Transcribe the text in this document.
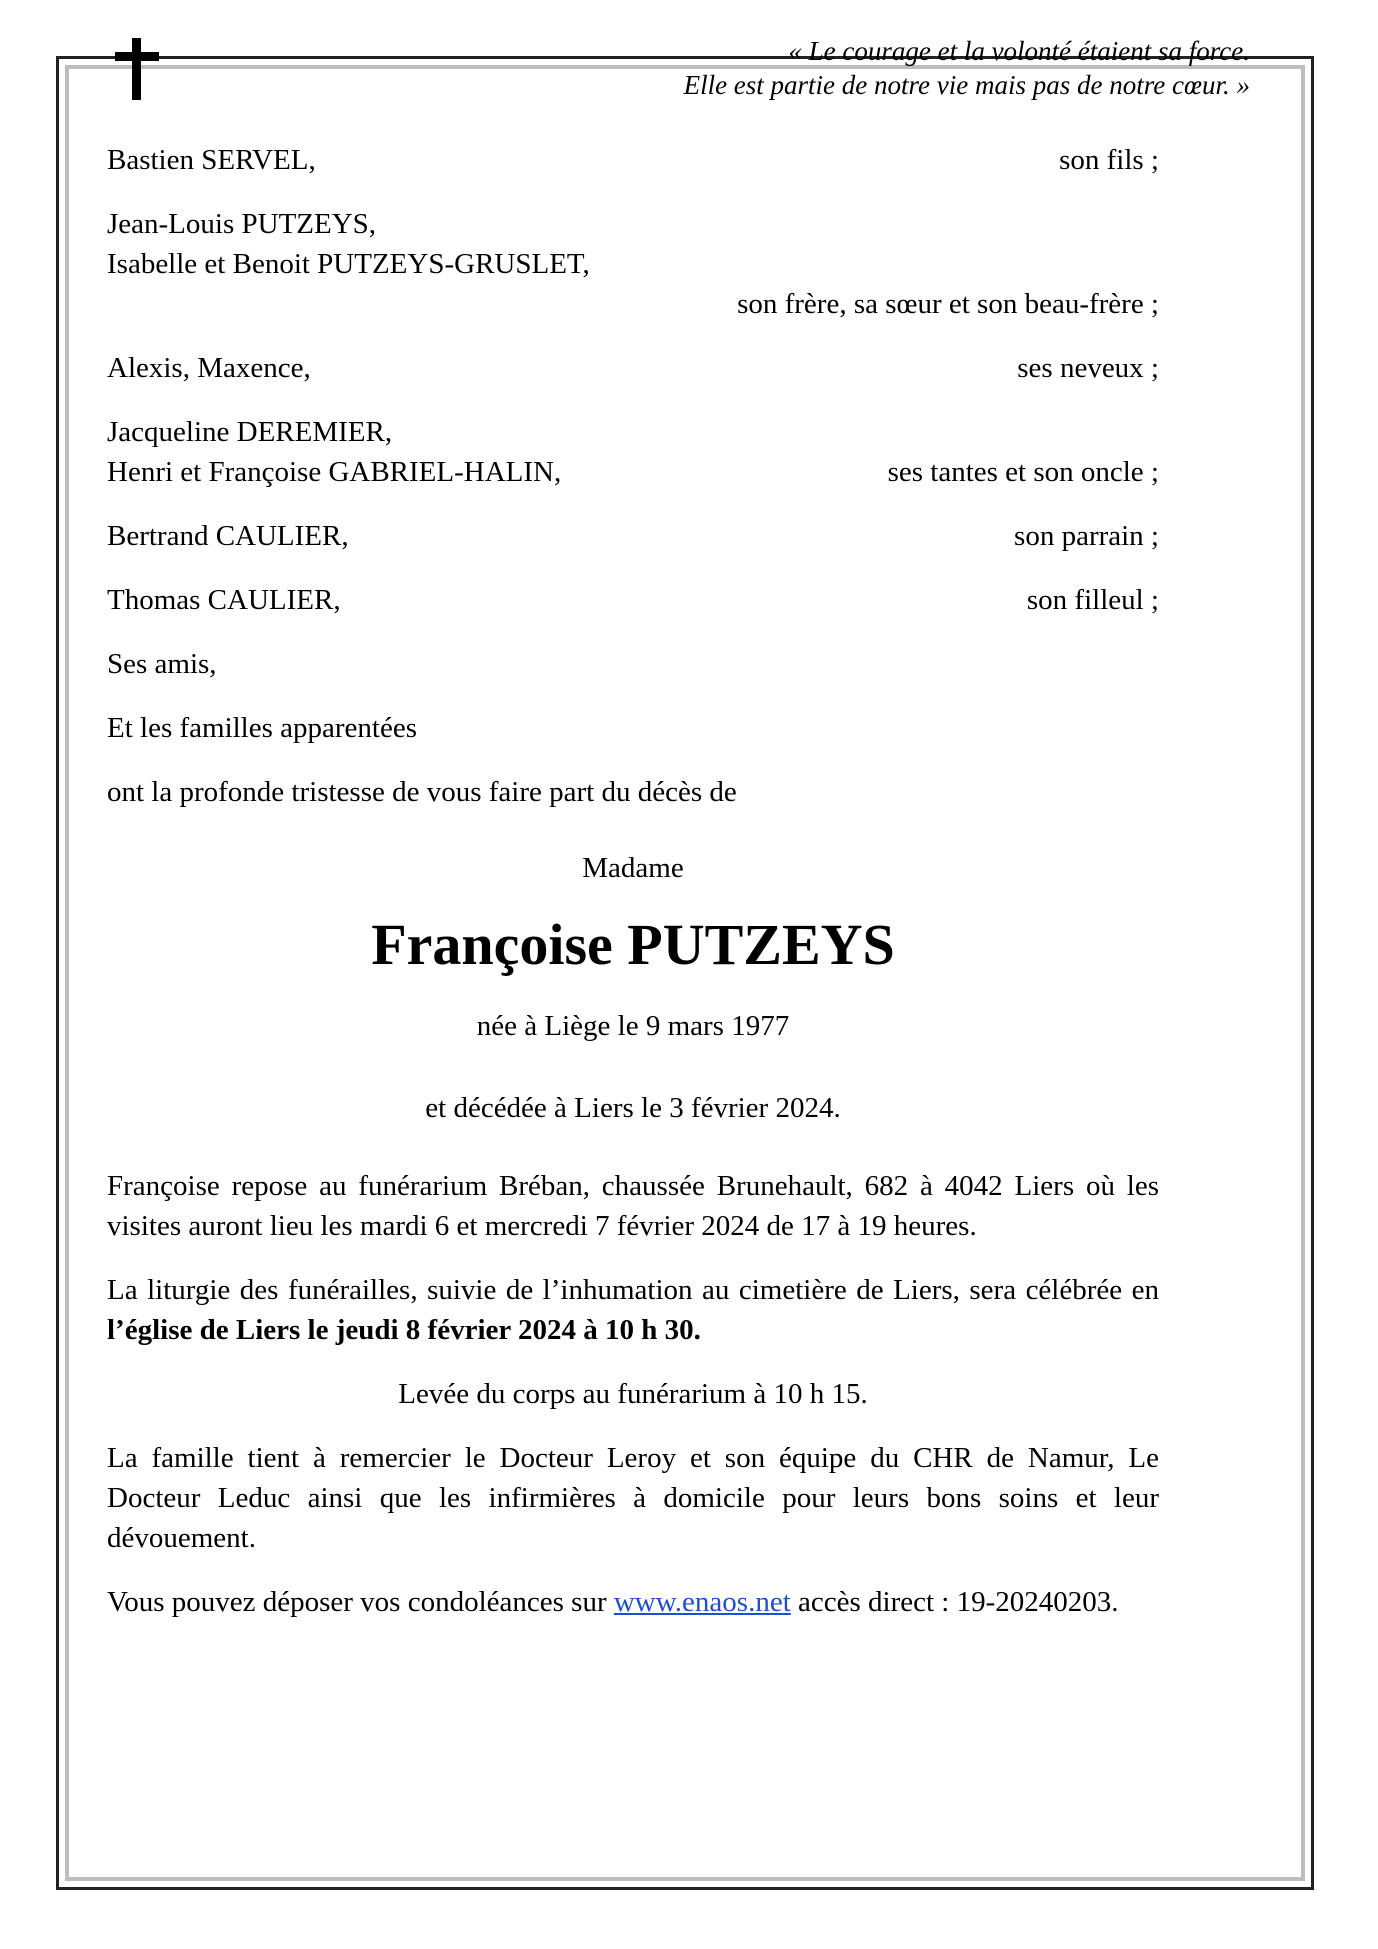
« Le courage et la volonté étaient sa force.
Elle est partie de notre vie mais pas de notre cœur. »
Bastien SERVEL,	son fils ;
Jean-Louis PUTZEYS,
Isabelle et Benoit PUTZEYS-GRUSLET,
son frère, sa sœur et son beau-frère ;
Alexis, Maxence,	ses neveux ;
Jacqueline DEREMIER,
Henri et Françoise GABRIEL-HALIN,	ses tantes et son oncle ;
Bertrand CAULIER,	son parrain ;
Thomas CAULIER,	son filleul ;
Ses amis,
Et les familles apparentées
ont la profonde tristesse de vous faire part du décès de
Madame
Françoise PUTZEYS
née à Liège le 9 mars 1977
et décédée à Liers le 3 février 2024.
Françoise repose au funérarium Bréban, chaussée Brunehault, 682 à 4042 Liers où les visites auront lieu les mardi 6 et mercredi 7 février 2024 de 17 à 19 heures.
La liturgie des funérailles, suivie de l’inhumation au cimetière de Liers, sera célébrée en l’église de Liers le jeudi 8 février 2024 à 10 h 30.
Levée du corps au funérarium à 10 h 15.
La famille tient à remercier le Docteur Leroy et son équipe du CHR de Namur, Le Docteur Leduc ainsi que les infirmières à domicile pour leurs bons soins et leur dévouement.
Vous pouvez déposer vos condoléances sur www.enaos.net accès direct : 19-20240203.
